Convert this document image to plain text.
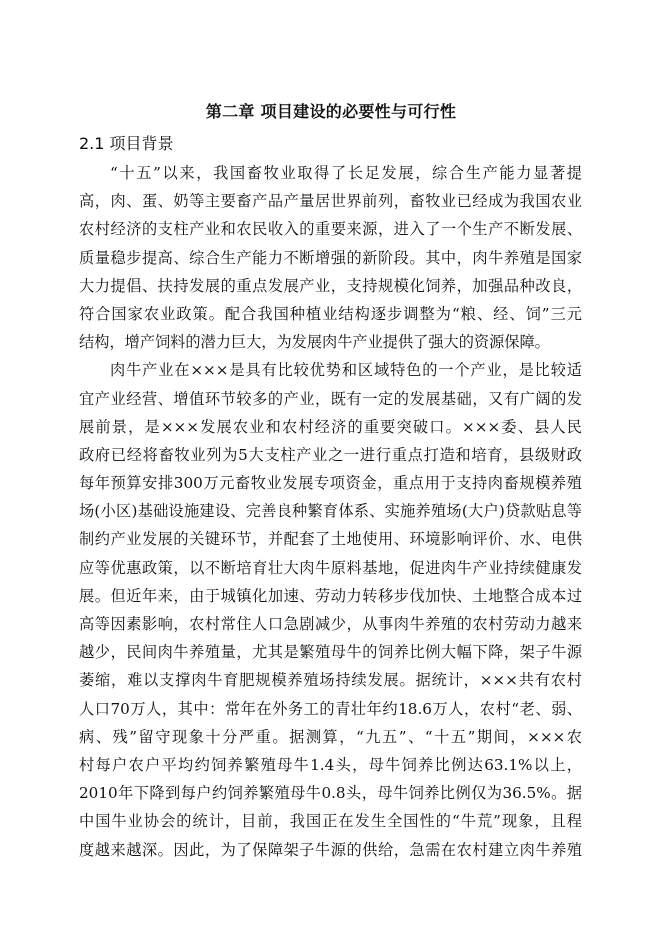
第二章 项目建设的必要性与可行性
2.1 项目背景
“十五”以来，我国畜牧业取得了长足发展，综合生产能力显著提
高，肉、蛋、奶等主要畜产品产量居世界前列，畜牧业已经成为我国农业
农村经济的支柱产业和农民收入的重要来源，进入了一个生产不断发展、
质量稳步提高、综合生产能力不断增强的新阶段。其中，肉牛养殖是国家
大力提倡、扶持发展的重点发展产业，支持规模化饲养，加强品种改良，
符合国家农业政策。配合我国种植业结构逐步调整为“粮、经、饲”三元
结构，增产饲料的潜力巨大，为发展肉牛产业提供了强大的资源保障。
肉牛产业在×××是具有比较优势和区域特色的一个产业，是比较适
宜产业经营、增值环节较多的产业，既有一定的发展基础，又有广阔的发
展前景，是×××发展农业和农村经济的重要突破口。×××委、县人民
政府已经将畜牧业列为5大支柱产业之一进行重点打造和培育，县级财政
每年预算安排300万元畜牧业发展专项资金，重点用于支持肉畜规模养殖
场(小区)基础设施建设、完善良种繁育体系、实施养殖场(大户)贷款贴息等
制约产业发展的关键环节，并配套了土地使用、环境影响评价、水、电供
应等优惠政策，以不断培育壮大肉牛原料基地，促进肉牛产业持续健康发
展。但近年来，由于城镇化加速、劳动力转移步伐加快、土地整合成本过
高等因素影响，农村常住人口急剧减少，从事肉牛养殖的农村劳动力越来
越少，民间肉牛养殖量，尤其是繁殖母牛的饲养比例大幅下降，架子牛源
萎缩，难以支撑肉牛育肥规模养殖场持续发展。据统计，×××共有农村
人口70万人，其中：常年在外务工的青壮年约18.6万人，农村“老、弱、
病、残”留守现象十分严重。据测算，“九五”、“十五”期间，×××农
村每户农户平均约饲养繁殖母牛1.4头，母牛饲养比例达63.1%以上，
2010年下降到每户约饲养繁殖母牛0.8头，母牛饲养比例仅为36.5%。据
中国牛业协会的统计，目前，我国正在发生全国性的“牛荒”现象，且程
度越来越深。因此，为了保障架子牛源的供给，急需在农村建立肉牛养殖
